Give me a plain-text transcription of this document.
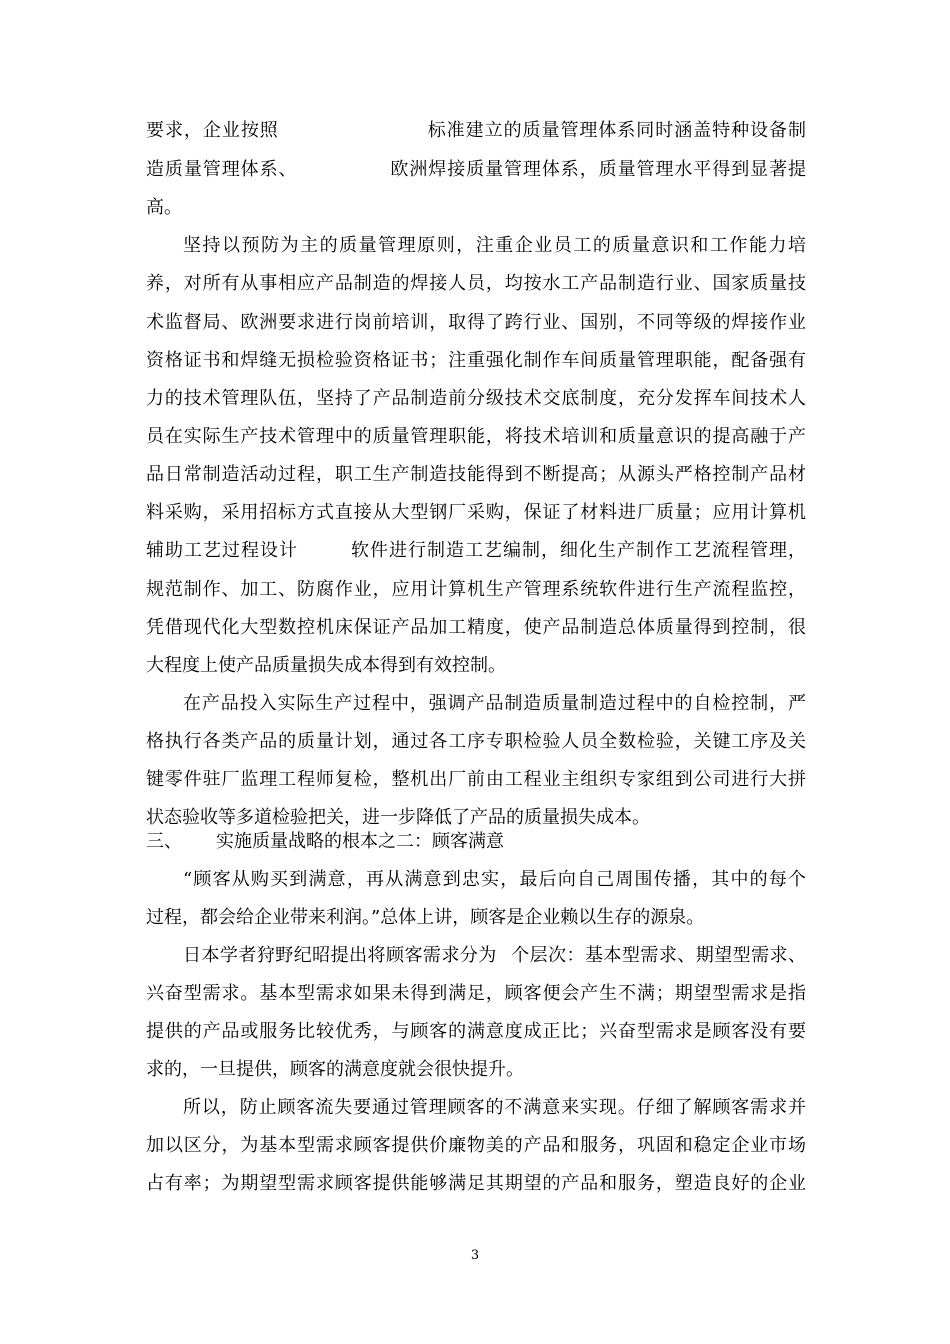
要求，企业按照	标准建立的质量管理体系同时涵盖特种设备制
造质量管理体系、	欧洲焊接质量管理体系，质量管理水平得到显著提
高。
坚持以预防为主的质量管理原则，注重企业员工的质量意识和工作能力培
养，对所有从事相应产品制造的焊接人员，均按水工产品制造行业、国家质量技
术监督局、欧洲要求进行岗前培训，取得了跨行业、国别，不同等级的焊接作业
资格证书和焊缝无损检验资格证书；注重强化制作车间质量管理职能，配备强有
力的技术管理队伍，坚持了产品制造前分级技术交底制度，充分发挥车间技术人
员在实际生产技术管理中的质量管理职能，将技术培训和质量意识的提高融于产
品日常制造活动过程，职工生产制造技能得到不断提高；从源头严格控制产品材
料采购，采用招标方式直接从大型钢厂采购，保证了材料进厂质量；应用计算机
辅助工艺过程设计	软件进行制造工艺编制，细化生产制作工艺流程管理，
规范制作、加工、防腐作业，应用计算机生产管理系统软件进行生产流程监控，
凭借现代化大型数控机床保证产品加工精度，使产品制造总体质量得到控制，很
大程度上使产品质量损失成本得到有效控制。
在产品投入实际生产过程中，强调产品制造质量制造过程中的自检控制，严
格执行各类产品的质量计划，通过各工序专职检验人员全数检验，关键工序及关
键零件驻厂监理工程师复检，整机出厂前由工程业主组织专家组到公司进行大拼
状态验收等多道检验把关，进一步降低了产品的质量损失成本。
三、 实施质量战略的根本之二：顾客满意
“顾客从购买到满意，再从满意到忠实，最后向自己周围传播，其中的每个
过程，都会给企业带来利润。”总体上讲，顾客是企业赖以生存的源泉。
日本学者狩野纪昭提出将顾客需求分为 个层次：基本型需求、期望型需求、
兴奋型需求。基本型需求如果未得到满足，顾客便会产生不满；期望型需求是指
提供的产品或服务比较优秀，与顾客的满意度成正比；兴奋型需求是顾客没有要
求的，一旦提供，顾客的满意度就会很快提升。
所以，防止顾客流失要通过管理顾客的不满意来实现。仔细了解顾客需求并
加以区分，为基本型需求顾客提供价廉物美的产品和服务，巩固和稳定企业市场
占有率；为期望型需求顾客提供能够满足其期望的产品和服务，塑造良好的企业
3
